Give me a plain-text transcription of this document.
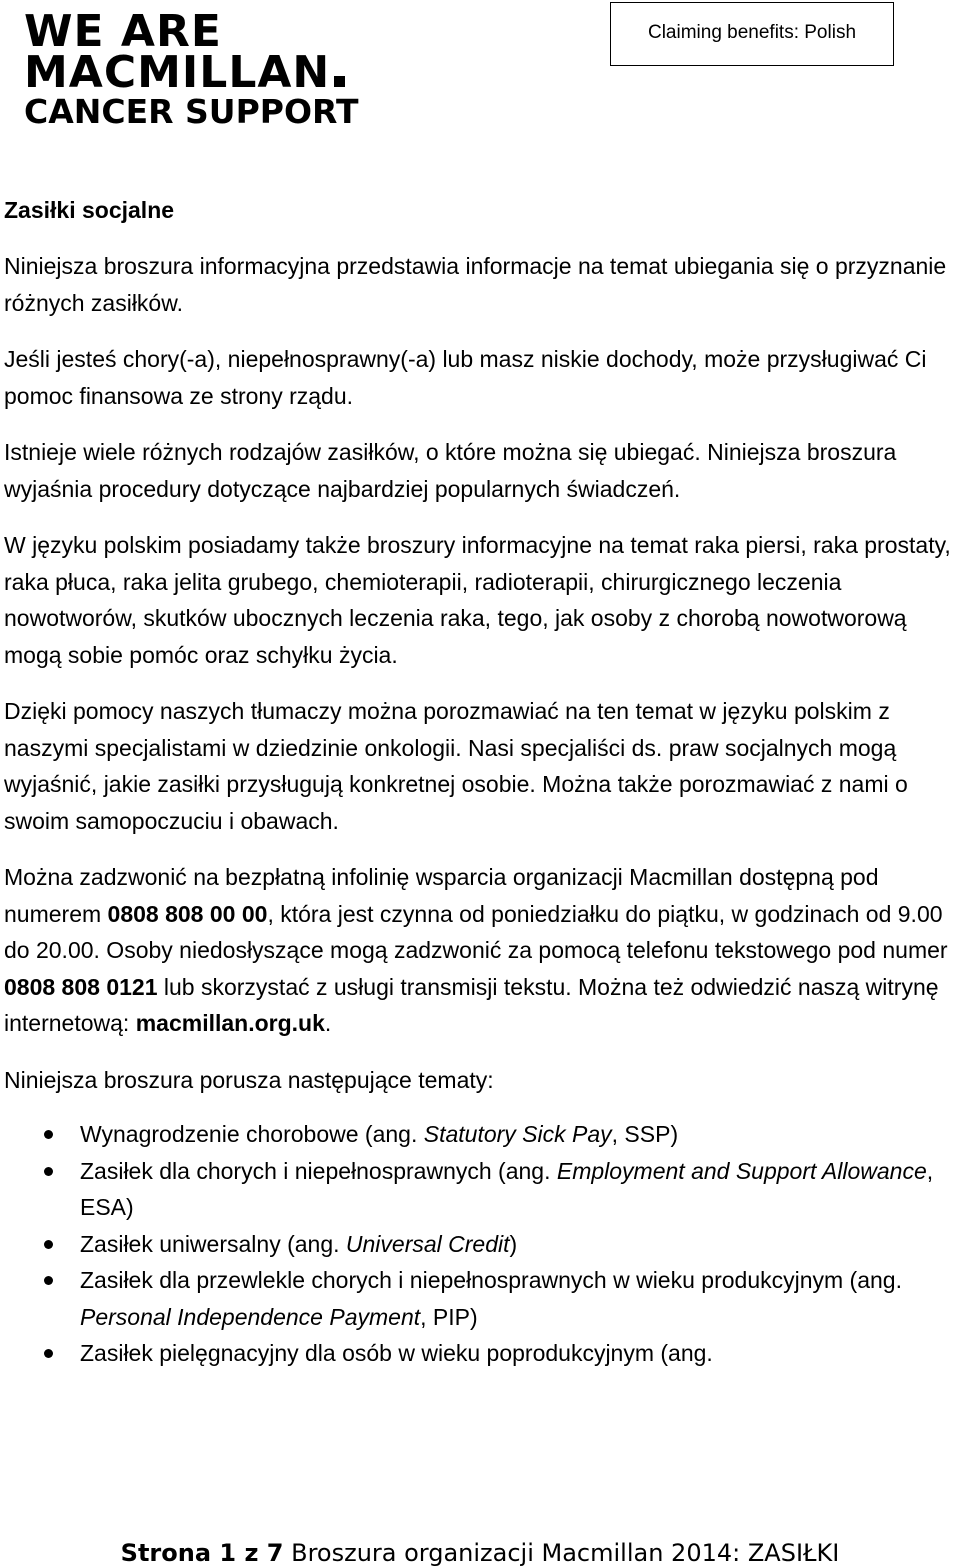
WE ARE
MACMILLAN
CANCER SUPPORT
Claiming benefits: Polish
Zasiłki socjalne

Niniejsza broszura informacyjna przedstawia informacje na temat ubiegania się o przyznanie różnych zasiłków.

Jeśli jesteś chory(-a), niepełnosprawny(-a) lub masz niskie dochody, może przysługiwać Ci pomoc finansowa ze strony rządu.

Istnieje wiele różnych rodzajów zasiłków, o które można się ubiegać. Niniejsza broszura wyjaśnia procedury dotyczące najbardziej popularnych świadczeń.

W języku polskim posiadamy także broszury informacyjne na temat raka piersi, raka prostaty, raka płuca, raka jelita grubego, chemioterapii, radioterapii, chirurgicznego leczenia nowotworów, skutków ubocznych leczenia raka, tego, jak osoby z chorobą nowotworową mogą sobie pomóc oraz schyłku życia.

Dzięki pomocy naszych tłumaczy można porozmawiać na ten temat w języku polskim z naszymi specjalistami w dziedzinie onkologii. Nasi specjaliści ds. praw socjalnych mogą wyjaśnić, jakie zasiłki przysługują konkretnej osobie. Można także porozmawiać z nami o swoim samopoczuciu i obawach.

Można zadzwonić na bezpłatną infolinię wsparcia organizacji Macmillan dostępną pod numerem 0808 808 00 00, która jest czynna od poniedziałku do piątku, w godzinach od 9.00 do 20.00. Osoby niedosłyszące mogą zadzwonić za pomocą telefonu tekstowego pod numer 0808 808 0121 lub skorzystać z usługi transmisji tekstu. Można też odwiedzić naszą witrynę internetową: macmillan.org.uk.

Niniejsza broszura porusza następujące tematy:

Wynagrodzenie chorobowe (ang. Statutory Sick Pay, SSP)
Zasiłek dla chorych i niepełnosprawnych (ang. Employment and Support Allowance, ESA)
Zasiłek uniwersalny (ang. Universal Credit)
Zasiłek dla przewlekle chorych i niepełnosprawnych w wieku produkcyjnym (ang. Personal Independence Payment, PIP)
Zasiłek pielęgnacyjny dla osób w wieku poprodukcyjnym (ang.
Strona 1 z 7 Broszura organizacji Macmillan 2014: ZASIŁKI
